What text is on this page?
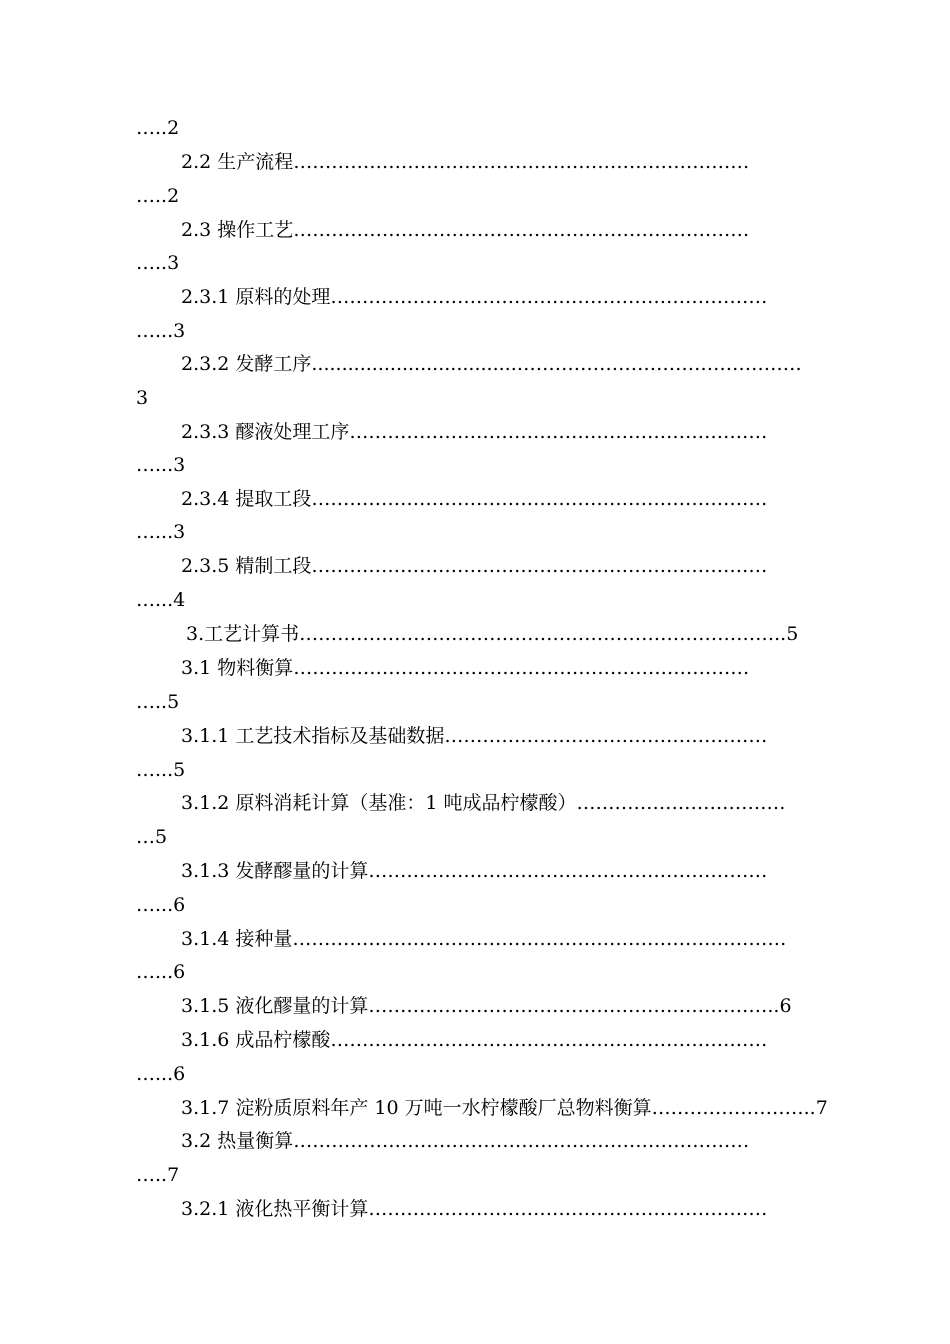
…..2
2.2 生产流程………………………………………………………………
…..2
2.3 操作工艺………………………………………………………………
…..3
2.3.1 原料的处理……………………………………………………………
…...3
2.3.2 发酵工序..................................………………………………………
3
2.3.3 醪液处理工序…………………………………………………………
…...3
2.3.4 提取工段………………………………………………………………
…...3
2.3.5 精制工段………………………………………………………………
…...4
3.工艺计算书…………………………………………………………………..5
3.1 物料衡算………………………………………………………………
…..5
3.1.1 工艺技术指标及基础数据……………………………………………
…...5
3.1.2 原料消耗计算（基准：1 吨成品柠檬酸）……………………………
…5
3.1.3 发酵醪量的计算………………………………………………………
…...6
3.1.4 接种量……………………………………………………………………
…...6
3.1.5 液化醪量的计算………………………………………………………..6
3.1.6 成品柠檬酸……………………………………………………………
…...6
3.1.7 淀粉质原料年产 10 万吨一水柠檬酸厂总物料衡算……………………..7
3.2 热量衡算………………………………………………………………
…..7
3.2.1 液化热平衡计算………………………………………………………
